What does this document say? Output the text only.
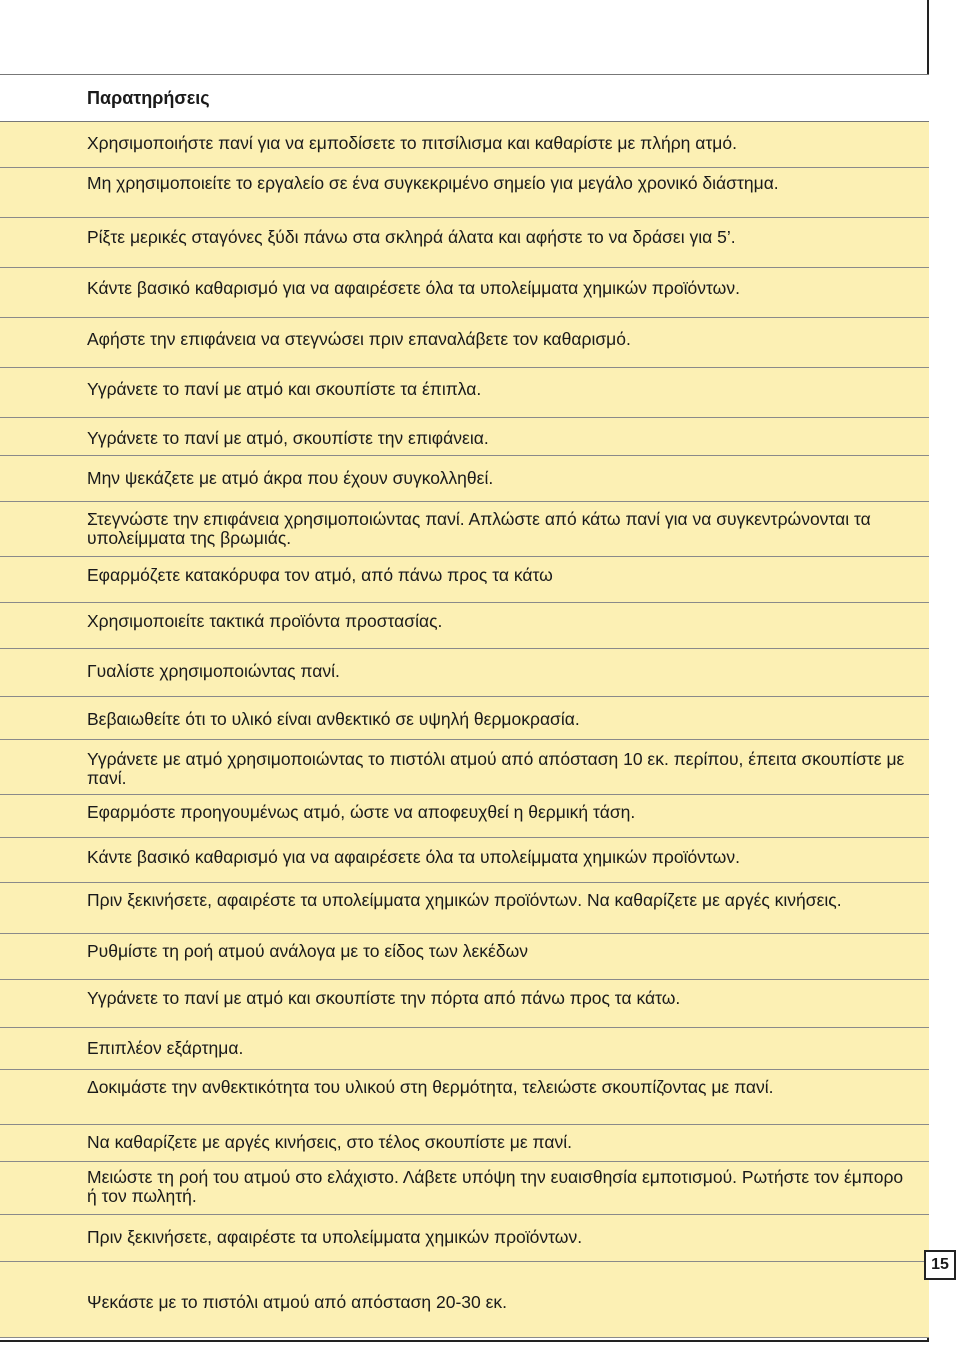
Παρατηρήσεις
Χρησιμοποιήστε πανί για να εμποδίσετε το πιτσίλισμα και καθαρίστε με πλήρη ατμό.
Μη χρησιμοποιείτε το εργαλείο σε ένα συγκεκριμένο σημείο για μεγάλο χρονικό διάστημα.
Ρίξτε μερικές σταγόνες ξύδι πάνω στα σκληρά άλατα και αφήστε το να δράσει για 5’.
Κάντε βασικό καθαρισμό για να αφαιρέσετε όλα τα υπολείμματα χημικών προϊόντων.
Αφήστε την επιφάνεια να στεγνώσει πριν επαναλάβετε τον καθαρισμό.
Υγράνετε το πανί με ατμό και σκουπίστε τα έπιπλα.
Υγράνετε το πανί με ατμό, σκουπίστε την επιφάνεια.
Μην ψεκάζετε με ατμό άκρα που έχουν συγκολληθεί.
Στεγνώστε την επιφάνεια χρησιμοποιώντας πανί. Απλώστε από κάτω πανί για να συγκεντρώνονται τα υπολείμματα της βρωμιάς.
Εφαρμόζετε κατακόρυφα τον ατμό, από πάνω προς τα κάτω
Χρησιμοποιείτε τακτικά προϊόντα προστασίας.
Γυαλίστε χρησιμοποιώντας πανί.
Βεβαιωθείτε ότι το υλικό είναι ανθεκτικό σε υψηλή θερμοκρασία.
Υγράνετε με ατμό χρησιμοποιώντας το πιστόλι ατμού από απόσταση 10 εκ. περίπου, έπειτα σκουπίστε με πανί.
Εφαρμόστε προηγουμένως ατμό, ώστε να αποφευχθεί η θερμική τάση.
Κάντε βασικό καθαρισμό για να αφαιρέσετε όλα τα υπολείμματα χημικών προϊόντων.
Πριν ξεκινήσετε, αφαιρέστε τα υπολείμματα χημικών προϊόντων. Να καθαρίζετε με αργές κινήσεις.
Ρυθμίστε τη ροή ατμού ανάλογα με το είδος των λεκέδων
Υγράνετε το πανί με ατμό και σκουπίστε την πόρτα από πάνω προς τα κάτω.
Επιπλέον εξάρτημα.
Δοκιμάστε την ανθεκτικότητα του υλικού στη θερμότητα, τελειώστε σκουπίζοντας με πανί.
Να καθαρίζετε με αργές κινήσεις, στο τέλος σκουπίστε με πανί.
Μειώστε τη ροή του ατμού στο ελάχιστο. Λάβετε υπόψη την ευαισθησία εμποτισμού. Ρωτήστε τον έμπορο ή τον πωλητή.
Πριν ξεκινήσετε, αφαιρέστε τα υπολείμματα χημικών προϊόντων.
Ψεκάστε με το πιστόλι ατμού από απόσταση 20-30 εκ.
15
